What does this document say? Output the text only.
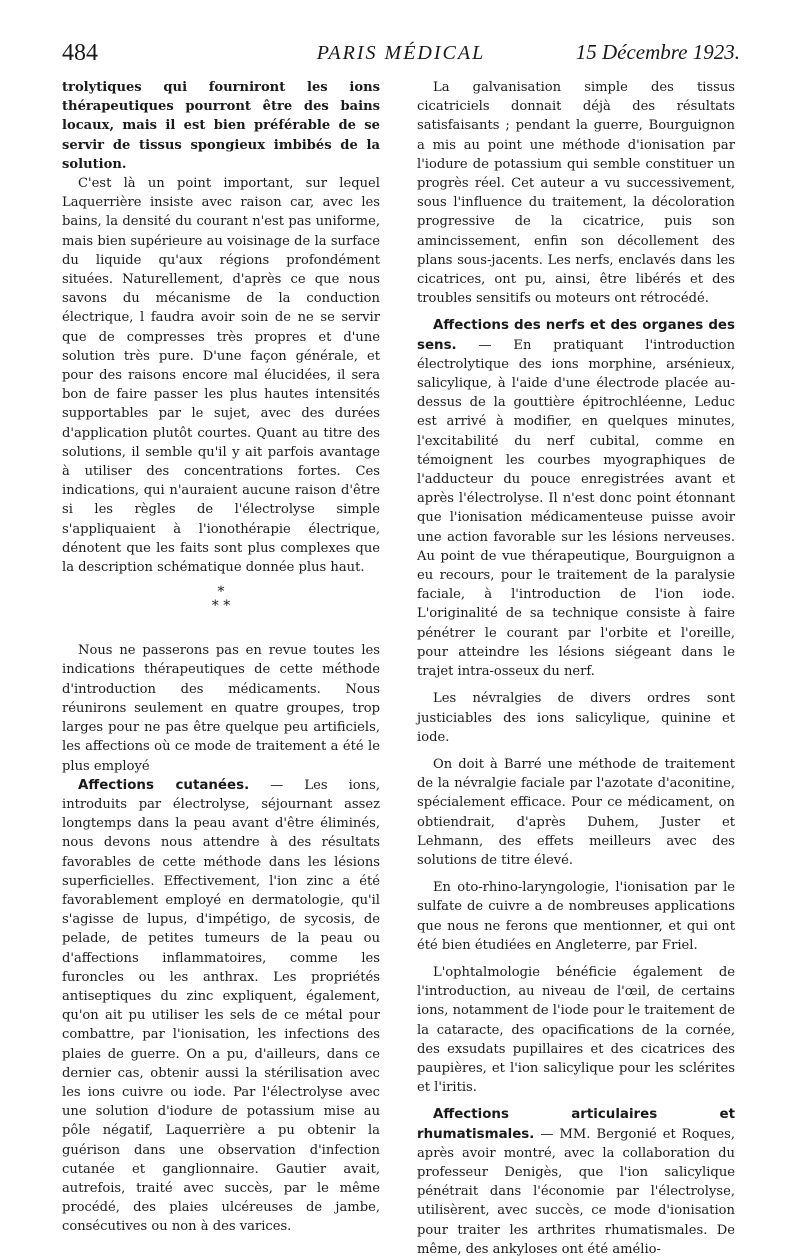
484	PARIS MÉDICAL	15 Décembre 1923.

trolytiques qui fourniront les ions thérapeutiques pourront être des bains locaux, mais il est bien préférable de se servir de tissus spongieux imbibés de la solution.

C'est là un point important, sur lequel Laquerrière insiste avec raison car, avec les bains, la densité du courant n'est pas uniforme, mais bien supérieure au voisinage de la surface du liquide qu'aux régions profondément situées. Naturellement, d'après ce que nous savons du mécanisme de la conduction électrique, l faudra avoir soin de ne se servir que de compresses très propres et d'une solution très pure. D'une façon générale, et pour des raisons encore mal élucidées, il sera bon de faire passer les plus hautes intensités supportables par le sujet, avec des durées d'application plutôt courtes. Quant au titre des solutions, il semble qu'il y ait parfois avantage à utiliser des concentrations fortes. Ces indications, qui n'auraient aucune raison d'être si les règles de l'électrolyse simple s'appliquaient à l'ionothérapie électrique, dénotent que les faits sont plus complexes que la description schématique donnée plus haut.

*
* *

Nous ne passerons pas en revue toutes les indications thérapeutiques de cette méthode d'introduction des médicaments. Nous réunirons seulement en quatre groupes, trop larges pour ne pas être quelque peu artificiels, les affections où ce mode de traitement a été le plus employé

Affections cutanées. — Les ions, introduits par électrolyse, séjournant assez longtemps dans la peau avant d'être éliminés, nous devons nous attendre à des résultats favorables de cette méthode dans les lésions superficielles. Effectivement, l'ion zinc a été favorablement employé en dermatologie, qu'il s'agisse de lupus, d'impétigo, de sycosis, de pelade, de petites tumeurs de la peau ou d'affections inflammatoires, comme les furoncles ou les anthrax. Les propriétés antiseptiques du zinc expliquent, également, qu'on ait pu utiliser les sels de ce métal pour combattre, par l'ionisation, les infections des plaies de guerre. On a pu, d'ailleurs, dans ce dernier cas, obtenir aussi la stérilisation avec les ions cuivre ou iode. Par l'électrolyse avec une solution d'iodure de potassium mise au pôle négatif, Laquerrière a pu obtenir la guérison dans une observation d'infection cutanée et ganglionnaire. Gautier avait, autrefois, traité avec succès, par le même procédé, des plaies ulcéreuses de jambe, consécutives ou non à des varices.

La galvanisation simple des tissus cicatriciels donnait déjà des résultats satisfaisants ; pendant la guerre, Bourguignon a mis au point une méthode d'ionisation par l'iodure de potassium qui semble constituer un progrès réel. Cet auteur a vu successivement, sous l'influence du traitement, la décoloration progressive de la cicatrice, puis son amincissement, enfin son décollement des plans sous-jacents. Les nerfs, enclavés dans les cicatrices, ont pu, ainsi, être libérés et des troubles sensitifs ou moteurs ont rétrocédé.

Affections des nerfs et des organes des sens. — En pratiquant l'introduction électrolytique des ions morphine, arsénieux, salicylique, à l'aide d'une électrode placée au-dessus de la gouttière épitrochléenne, Leduc est arrivé à modifier, en quelques minutes, l'excitabilité du nerf cubital, comme en témoignent les courbes myographiques de l'adducteur du pouce enregistrées avant et après l'électrolyse. Il n'est donc point étonnant que l'ionisation médicamenteuse puisse avoir une action favorable sur les lésions nerveuses. Au point de vue thérapeutique, Bourguignon a eu recours, pour le traitement de la paralysie faciale, à l'introduction de l'ion iode. L'originalité de sa technique consiste à faire pénétrer le courant par l'orbite et l'oreille, pour atteindre les lésions siégeant dans le trajet intra-osseux du nerf.

Les névralgies de divers ordres sont justiciables des ions salicylique, quinine et iode.

On doit à Barré une méthode de traitement de la névralgie faciale par l'azotate d'aconitine, spécialement efficace. Pour ce médicament, on obtiendrait, d'après Duhem, Juster et Lehmann, des effets meilleurs avec des solutions de titre élevé.

En oto-rhino-laryngologie, l'ionisation par le sulfate de cuivre a de nombreuses applications que nous ne ferons que mentionner, et qui ont été bien étudiées en Angleterre, par Friel.

L'ophtalmologie bénéficie également de l'introduction, au niveau de l'œil, de certains ions, notamment de l'iode pour le traitement de la cataracte, des opacifications de la cornée, des exsudats pupillaires et des cicatrices des paupières, et l'ion salicylique pour les sclérites et l'iritis.

Affections articulaires et rhumatismales. — MM. Bergonié et Roques, après avoir montré, avec la collaboration du professeur Denigès, que l'ion salicylique pénétrait dans l'économie par l'électrolyse, utilisèrent, avec succès, ce mode d'ionisation pour traiter les arthrites rhumatismales. De même, des ankyloses ont été amélio-
